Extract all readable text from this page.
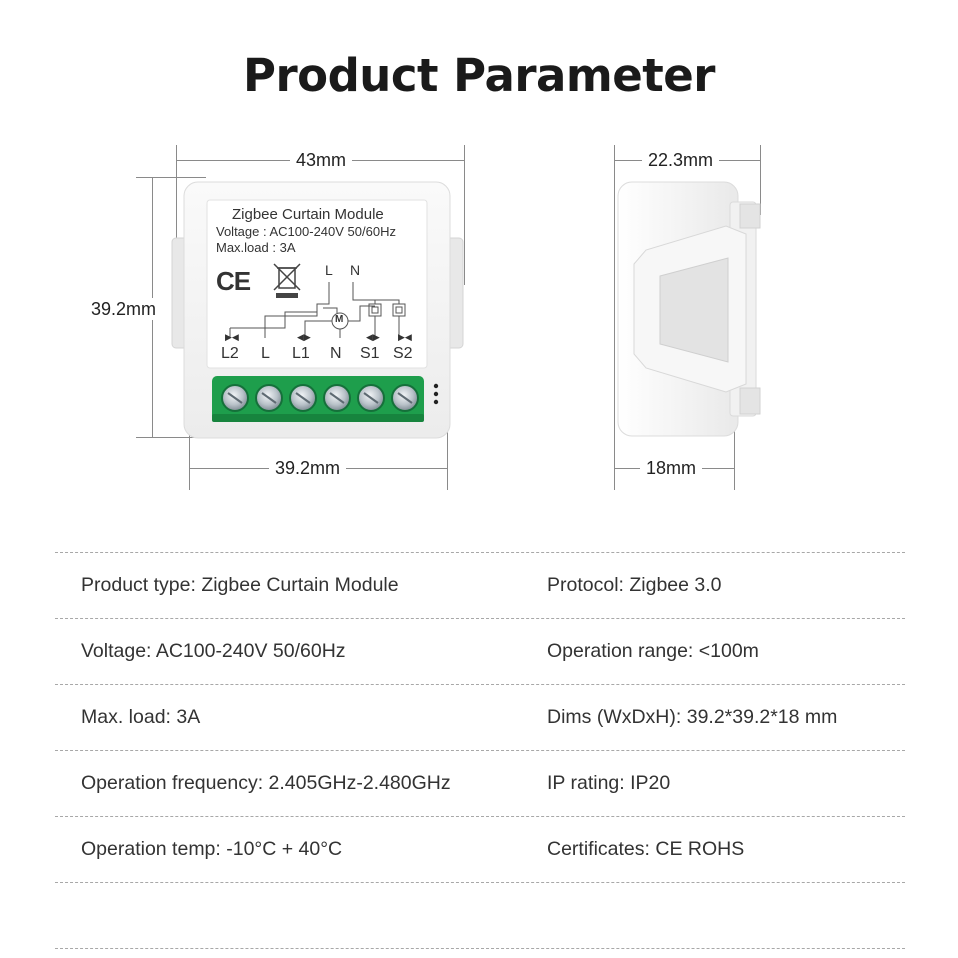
Product Parameter
43mm
39.2mm
39.2mm
Zigbee Curtain Module
Voltage : AC100-240V 50/60Hz
Max.load : 3A
CE	L N
M
▶◀	◀▶	◀▶ ▶◀
L2 L L1 N S1 S2
22.3mm
18mm
Product type: Zigbee Curtain Module	Protocol: Zigbee 3.0
Voltage: AC100-240V 50/60Hz	Operation range: <100m
Max. load: 3A	Dims (WxDxH): 39.2*39.2*18 mm
Operation frequency: 2.405GHz-2.480GHz	IP rating: IP20
Operation temp: -10°C + 40°C	Certificates: CE ROHS
